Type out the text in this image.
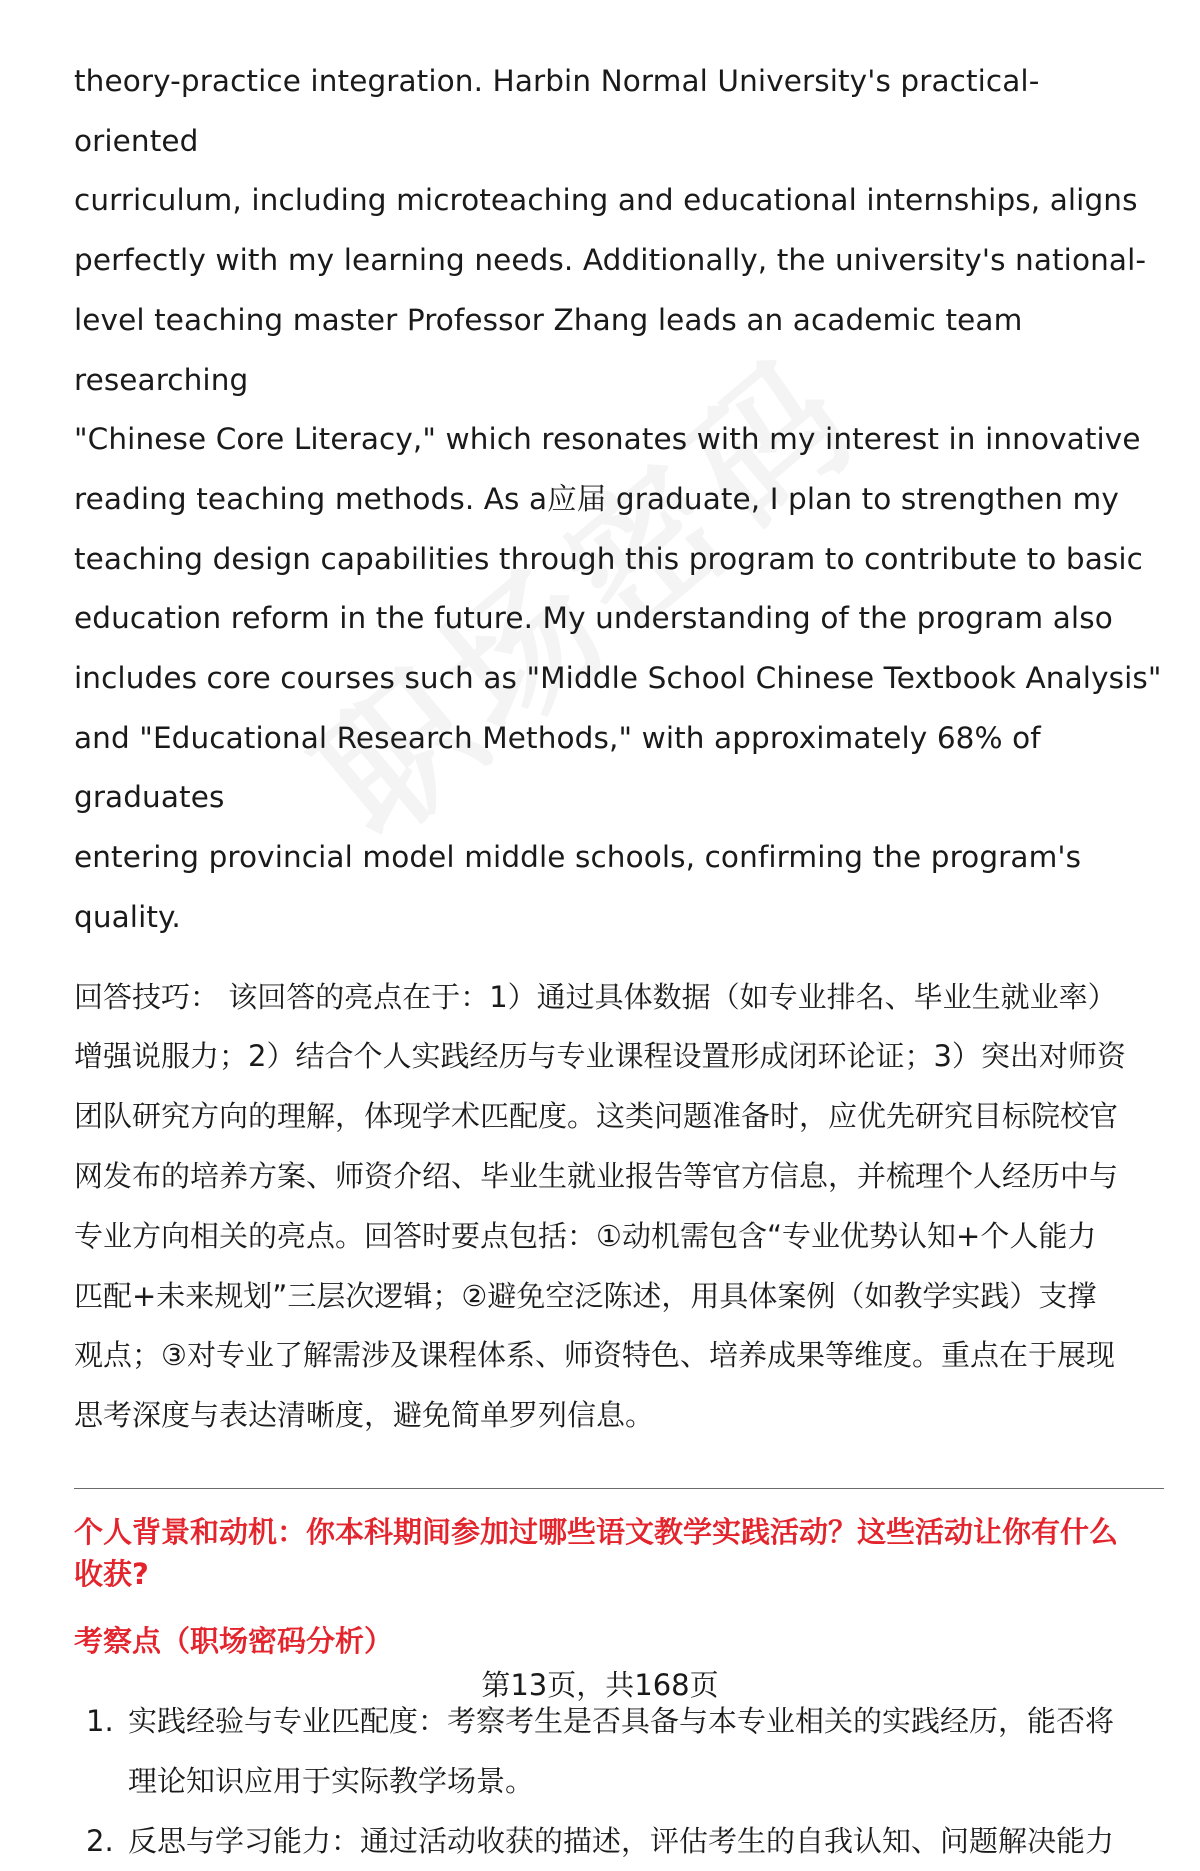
theory-practice integration. Harbin Normal University's practical-oriented
curriculum, including microteaching and educational internships, aligns
perfectly with my learning needs. Additionally, the university's national-
level teaching master Professor Zhang leads an academic team researching
"Chinese Core Literacy," which resonates with my interest in innovative
reading teaching methods. As a应届 graduate, I plan to strengthen my
teaching design capabilities through this program to contribute to basic
education reform in the future. My understanding of the program also
includes core courses such as "Middle School Chinese Textbook Analysis"
and "Educational Research Methods," with approximately 68% of graduates
entering provincial model middle schools, confirming the program's quality.
回答技巧： 该回答的亮点在于：1）通过具体数据（如专业排名、毕业生就业率）
增强说服力；2）结合个人实践经历与专业课程设置形成闭环论证；3）突出对师资
团队研究方向的理解，体现学术匹配度。这类问题准备时，应优先研究目标院校官
网发布的培养方案、师资介绍、毕业生就业报告等官方信息，并梳理个人经历中与
专业方向相关的亮点。回答时要点包括：①动机需包含“专业优势认知+个人能力
匹配+未来规划”三层次逻辑；②避免空泛陈述，用具体案例（如教学实践）支撑
观点；③对专业了解需涉及课程体系、师资特色、培养成果等维度。重点在于展现
思考深度与表达清晰度，避免简单罗列信息。
个人背景和动机：你本科期间参加过哪些语文教学实践活动？这些活动让你有什么
收获?
考察点（职场密码分析）
1. 实践经验与专业匹配度：考察考生是否具备与本专业相关的实践经历，能否将
理论知识应用于实际教学场景。
2. 反思与学习能力：通过活动收获的描述，评估考生的自我认知、问题解决能力
第13页，共168页
